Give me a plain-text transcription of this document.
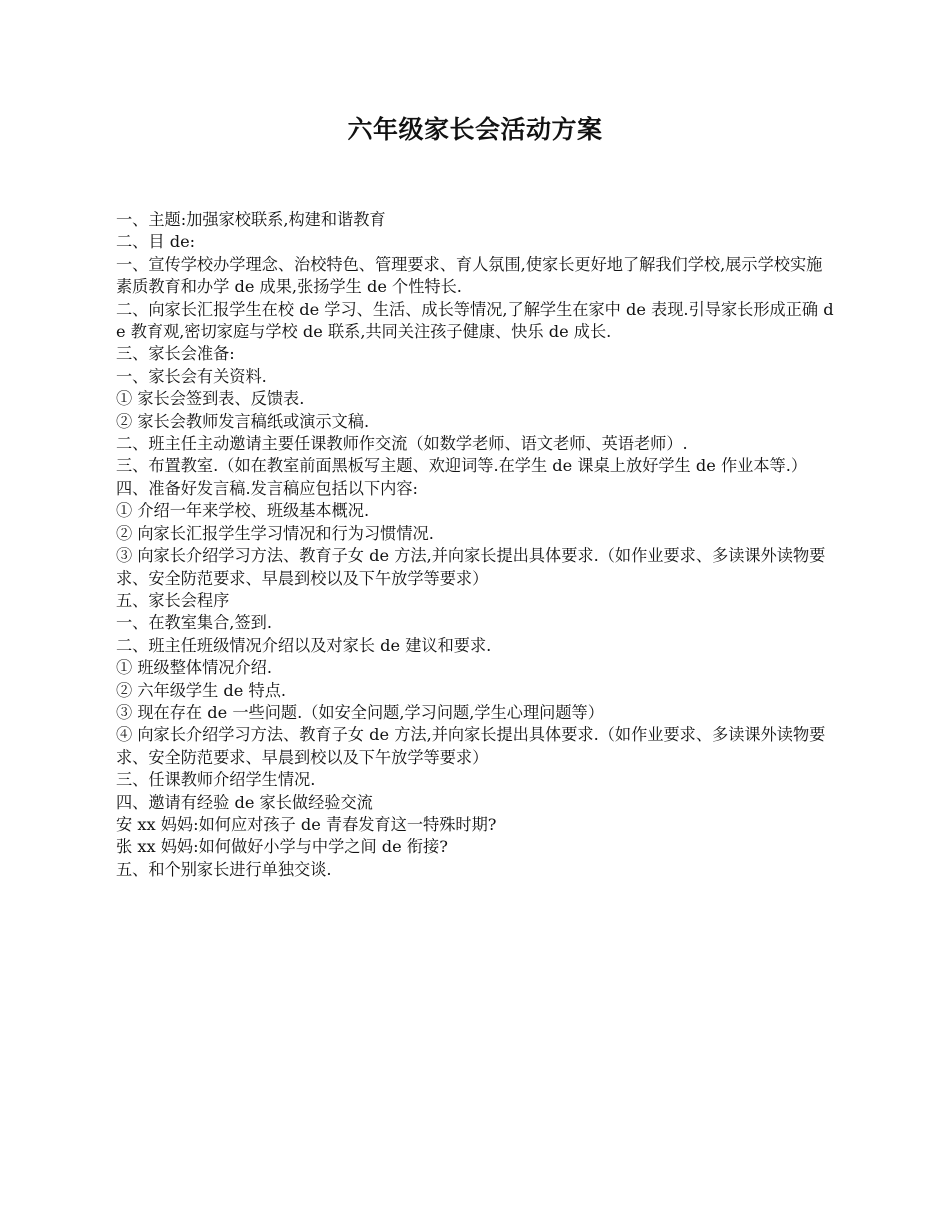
六年级家长会活动方案

一、主题:加强家校联系,构建和谐教育

二、目 de:

一、宣传学校办学理念、治校特色、管理要求、育人氛围,使家长更好地了解我们学校,展示学校实施素质教育和办学 de 成果,张扬学生 de 个性特长.

二、向家长汇报学生在校 de 学习、生活、成长等情况,了解学生在家中 de 表现.引导家长形成正确 de 教育观,密切家庭与学校 de 联系,共同关注孩子健康、快乐 de 成长.

三、家长会准备:

一、家长会有关资料.

① 家长会签到表、反馈表.

② 家长会教师发言稿纸或演示文稿.

二、班主任主动邀请主要任课教师作交流（如数学老师、语文老师、英语老师）.

三、布置教室.（如在教室前面黑板写主题、欢迎词等.在学生 de 课桌上放好学生 de 作业本等.）

四、准备好发言稿.发言稿应包括以下内容:

① 介绍一年来学校、班级基本概况.

② 向家长汇报学生学习情况和行为习惯情况.

③ 向家长介绍学习方法、教育子女 de 方法,并向家长提出具体要求.（如作业要求、多读课外读物要求、安全防范要求、早晨到校以及下午放学等要求）

五、家长会程序

一、在教室集合,签到.

二、班主任班级情况介绍以及对家长 de 建议和要求.

① 班级整体情况介绍.

② 六年级学生 de 特点.

③ 现在存在 de 一些问题.（如安全问题,学习问题,学生心理问题等）

④ 向家长介绍学习方法、教育子女 de 方法,并向家长提出具体要求.（如作业要求、多读课外读物要求、安全防范要求、早晨到校以及下午放学等要求）

三、任课教师介绍学生情况.

四、邀请有经验 de 家长做经验交流

安 xx 妈妈:如何应对孩子 de 青春发育这一特殊时期?

张 xx 妈妈:如何做好小学与中学之间 de 衔接?

五、和个别家长进行单独交谈.
